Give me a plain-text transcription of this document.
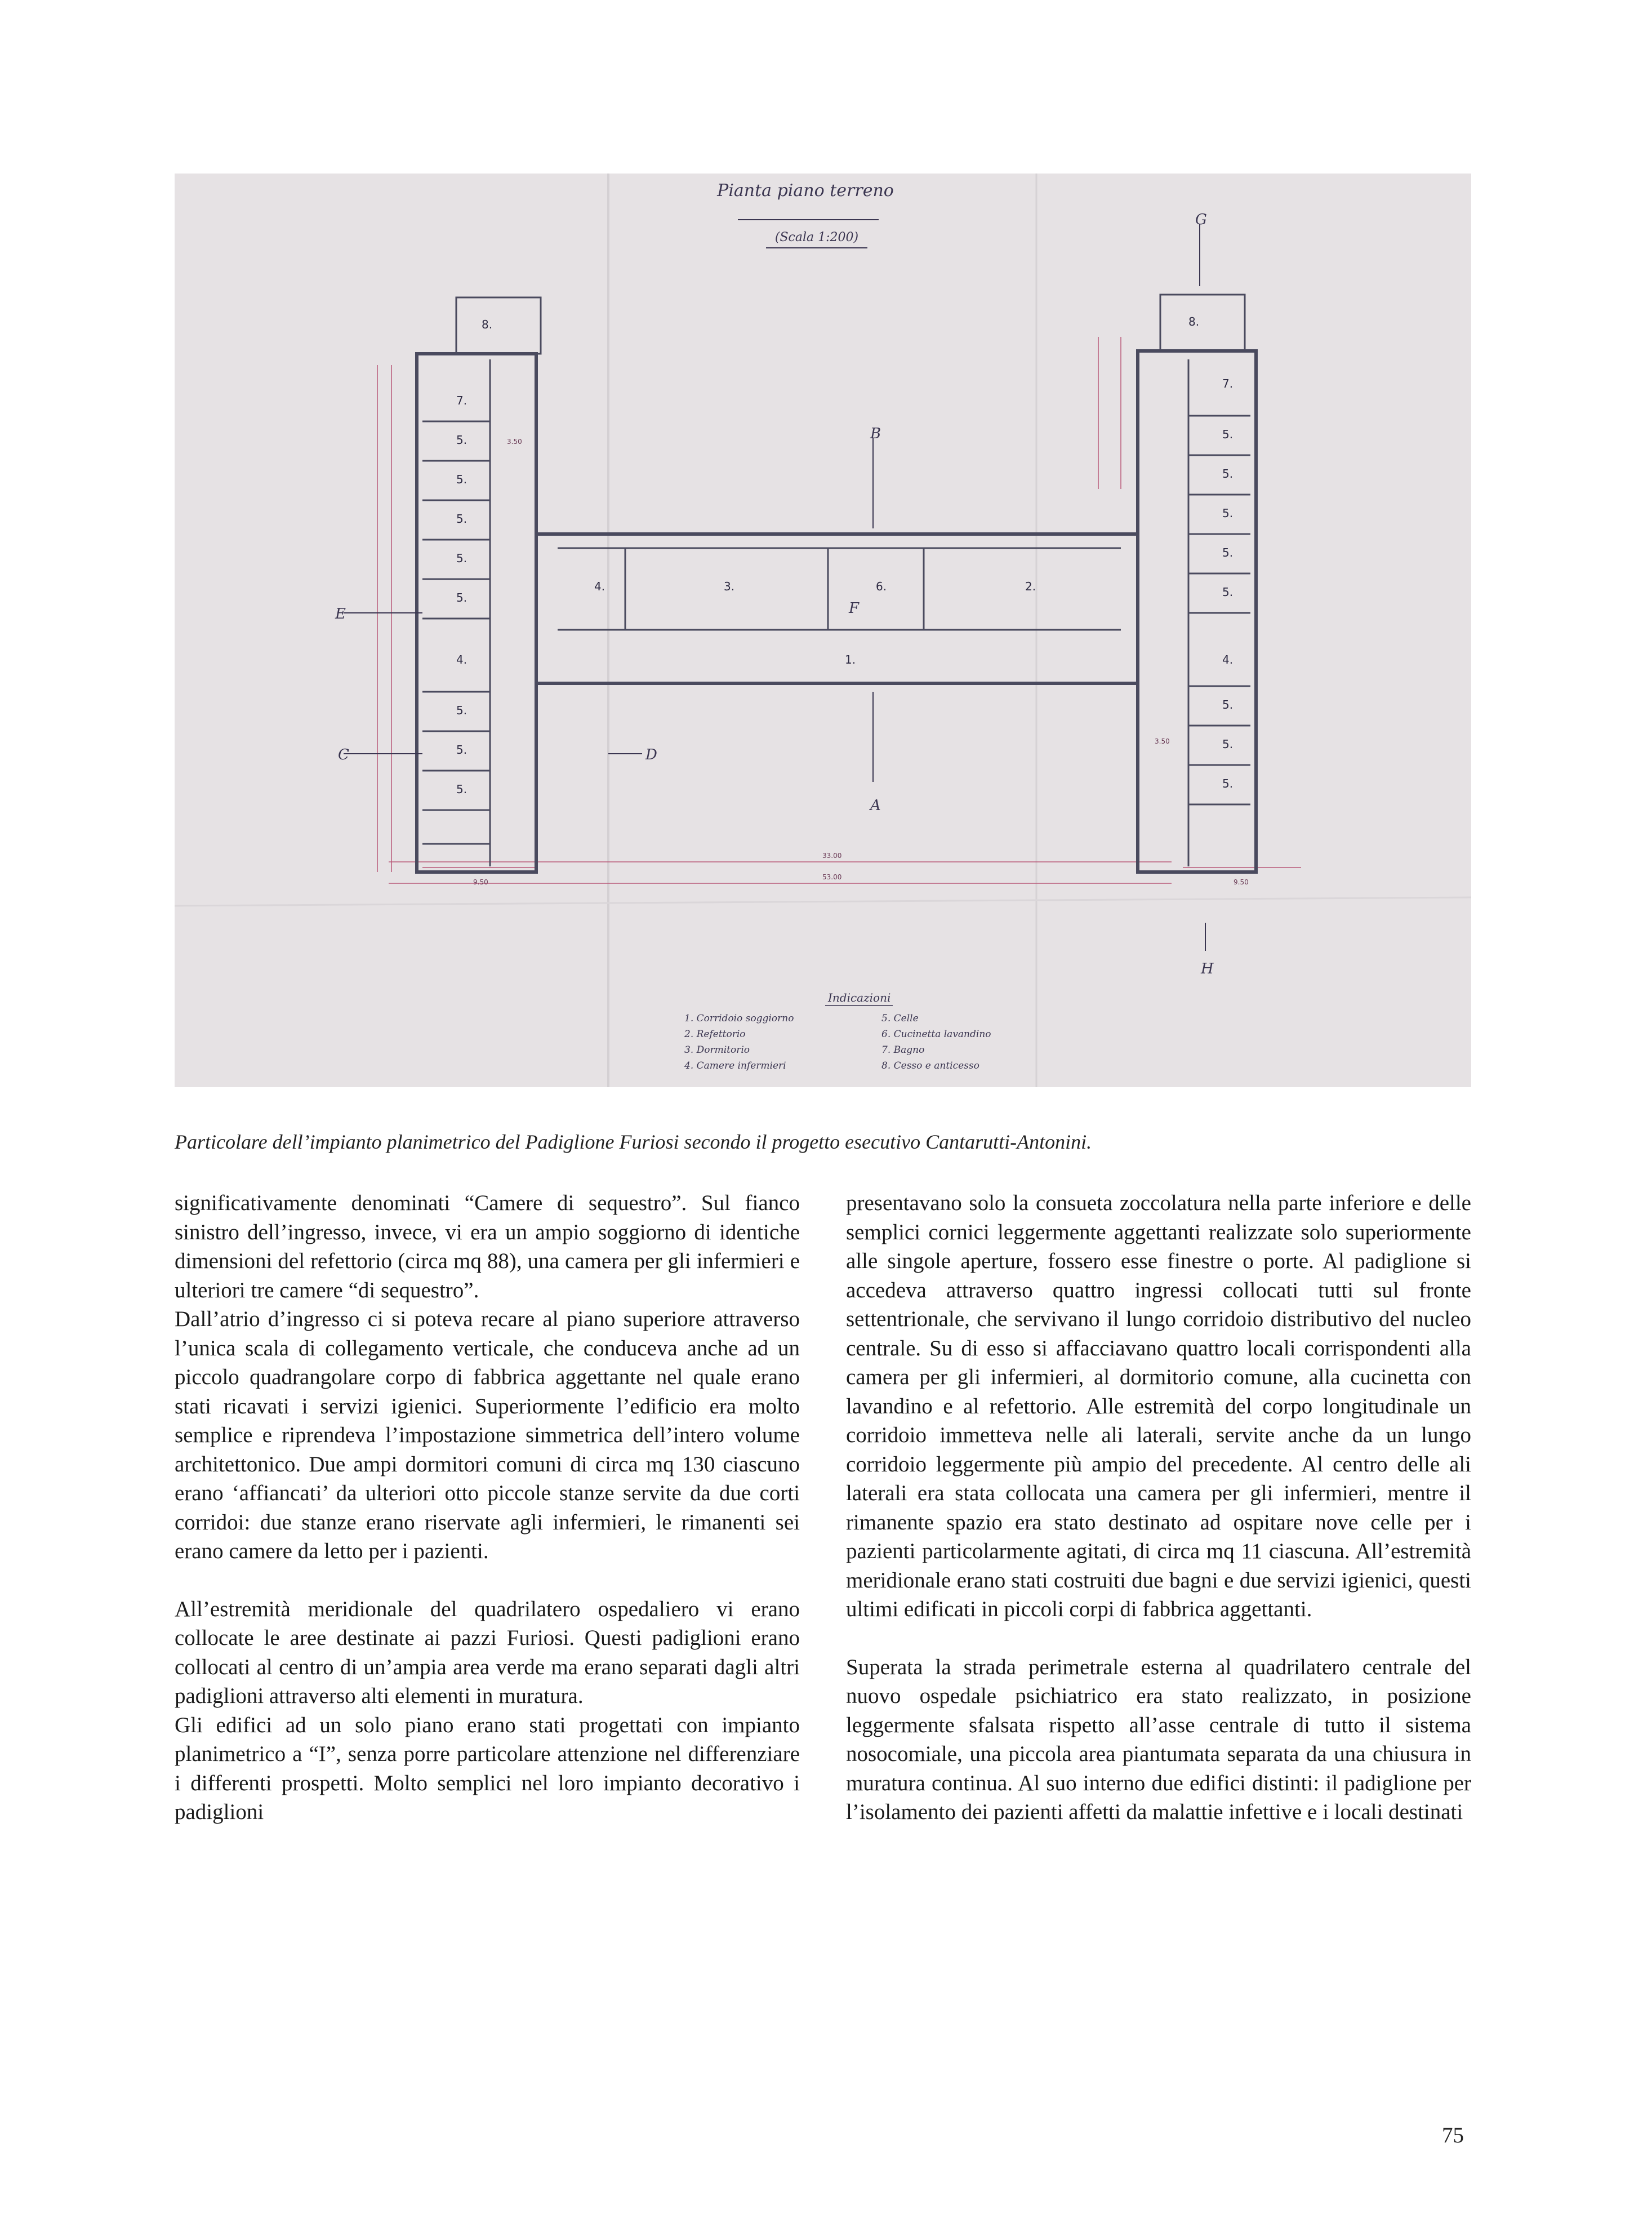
Pianta piano terreno
(Scala 1:200)
7.
5.
5.
5.
5.
5.
4.
5.
5.
5.
4.	3.	6.	2.
1.
7.
5.
5.
5.
5.
5.
4.
5.
5.
5.
8.
8.
53.00
33.00
9.50	9.50
3.50
3.50
B
A
E
C	D
F
G
H
Indicazioni
1. Corridoio soggiorno
2. Refettorio
3. Dormitorio
4. Camere infermieri
5. Celle
6. Cucinetta lavandino
7. Bagno
8. Cesso e anticesso
Particolare dell’impianto planimetrico del Padiglione Furiosi secondo il progetto esecutivo Cantarutti-Antonini.

significativamente denominati “Camere di sequestro”. Sul fianco sinistro dell’ingresso, invece, vi era un ampio soggiorno di identiche dimensioni del refettorio (circa mq 88), una camera per gli infermieri e ulteriori tre camere “di sequestro”.

Dall’atrio d’ingresso ci si poteva recare al piano superiore attraverso l’unica scala di collegamento verticale, che conduceva anche ad un piccolo quadrangolare corpo di fabbrica aggettante nel quale erano stati ricavati i servizi igienici. Superiormente l’edificio era molto semplice e riprendeva l’impostazione simmetrica dell’intero volume architettonico. Due ampi dormitori comuni di circa mq 130 ciascuno erano ‘affiancati’ da ulteriori otto piccole stanze servite da due corti corridoi: due stanze erano riservate agli infermieri, le rimanenti sei erano camere da letto per i pazienti.

All’estremità meridionale del quadrilatero ospedaliero vi erano collocate le aree destinate ai pazzi Furiosi. Questi padiglioni erano collocati al centro di un’ampia area verde ma erano separati dagli altri padiglioni attraverso alti elementi in muratura.

Gli edifici ad un solo piano erano stati progettati con impianto planimetrico a “I”, senza porre particolare attenzione nel differenziare i differenti prospetti. Molto semplici nel loro impianto decorativo i padiglioni

presentavano solo la consueta zoccolatura nella parte inferiore e delle semplici cornici leggermente aggettanti realizzate solo superiormente alle singole aperture, fossero esse finestre o porte. Al padiglione si accedeva attraverso quattro ingressi collocati tutti sul fronte settentrionale, che servivano il lungo corridoio distributivo del nucleo centrale. Su di esso si affacciavano quattro locali corrispondenti alla camera per gli infermieri, al dormitorio comune, alla cucinetta con lavandino e al refettorio. Alle estremità del corpo longitudinale un corridoio immetteva nelle ali laterali, servite anche da un lungo corridoio leggermente più ampio del precedente. Al centro delle ali laterali era stata collocata una camera per gli infermieri, mentre il rimanente spazio era stato destinato ad ospitare nove celle per i pazienti particolarmente agitati, di circa mq 11 ciascuna. All’estremità meridionale erano stati costruiti due bagni e due servizi igienici, questi ultimi edificati in piccoli corpi di fabbrica aggettanti.

Superata la strada perimetrale esterna al quadrilatero centrale del nuovo ospedale psichiatrico era stato realizzato, in posizione leggermente sfalsata rispetto all’asse centrale di tutto il sistema nosocomiale, una piccola area piantumata separata da una chiusura in muratura continua. Al suo interno due edifici distinti: il padiglione per l’isolamento dei pazienti affetti da malattie infettive e i locali destinati

75
